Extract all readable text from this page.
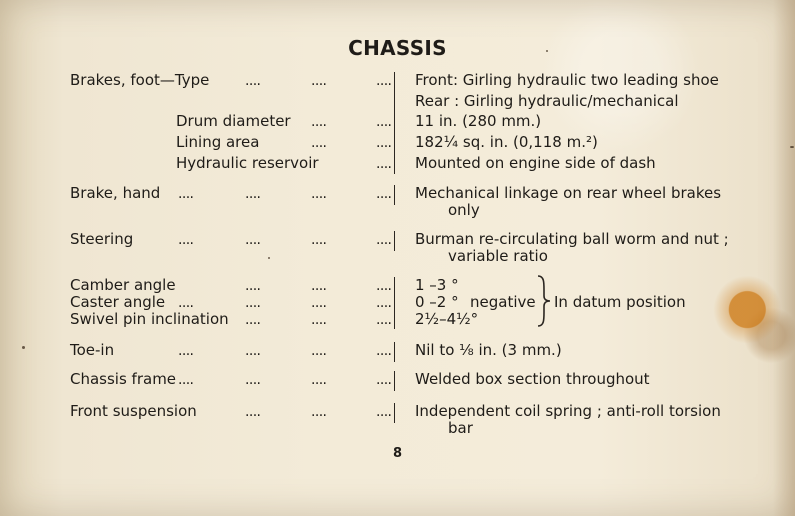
CHASSIS
Brakes, foot—Type	....	....	.... Front: Girling hydraulic two leading shoe
Rear : Girling hydraulic/mechanical
Drum diameter ....	.... 11 in. (280 mm.)
Lining area	....	.... 182¼ sq. in. (0,118 m.²)
Hydraulic reservoir	.... Mounted on engine side of dash
Brake, hand ....	....	....	.... Mechanical linkage on rear wheel brakes
only
Steering	....	....	....	.... Burman re-circulating ball worm and nut ;
variable ratio
Camber angle	....	....	.... 1 –3 °
Caster angle ....	....	....	.... 0 –2 ° negative
Swivel pin inclination ....	....	.... 2½–4½°
In datum position
Toe-in	....	....	....	.... Nil to ⅛ in. (3 mm.)
Chassis frame ....	....	....	.... Welded box section throughout
Front suspension	....	....	.... Independent coil spring ; anti-roll torsion
bar
8
